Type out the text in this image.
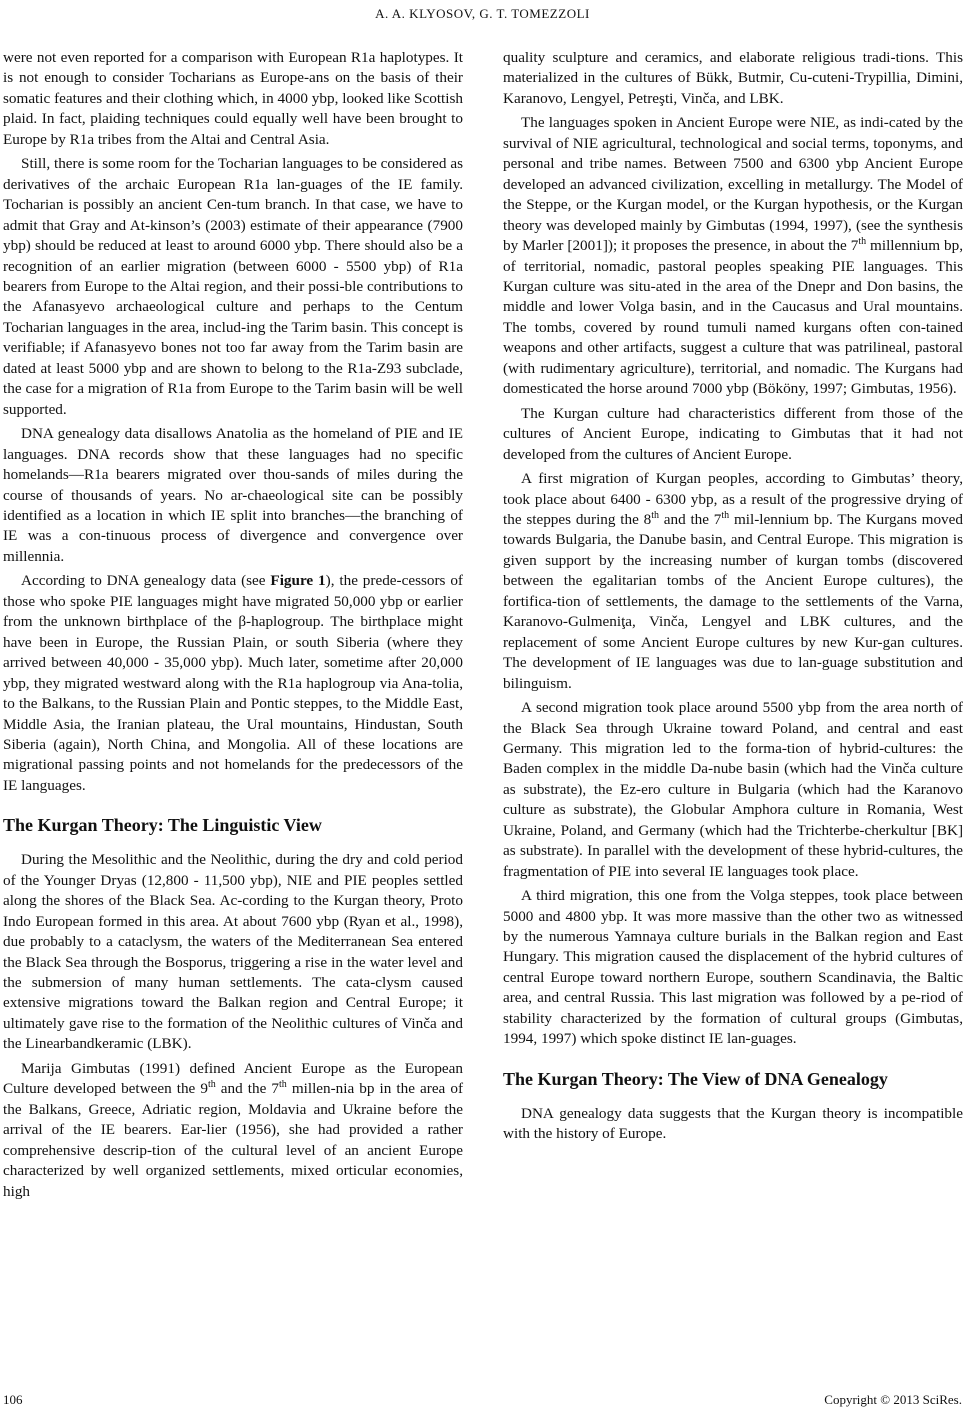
A. A. KLYOSOV, G. T. TOMEZZOLI

were not even reported for a comparison with European R1a haplotypes. It is not enough to consider Tocharians as Europe-ans on the basis of their somatic features and their clothing which, in 4000 ybp, looked like Scottish plaid. In fact, plaiding techniques could equally well have been brought to Europe by R1a tribes from the Altai and Central Asia.

Still, there is some room for the Tocharian languages to be considered as derivatives of the archaic European R1a lan-guages of the IE family. Tocharian is possibly an ancient Cen-tum branch. In that case, we have to admit that Gray and At-kinson’s (2003) estimate of their appearance (7900 ybp) should be reduced at least to around 6000 ybp. There should also be a recognition of an earlier migration (between 6000 - 5500 ybp) of R1a bearers from Europe to the Altai region, and their possi-ble contributions to the Afanasyevo archaeological culture and perhaps to the Centum Tocharian languages in the area, includ-ing the Tarim basin. This concept is verifiable; if Afanasyevo bones not too far away from the Tarim basin are dated at least 5000 ybp and are shown to belong to the R1a-Z93 subclade, the case for a migration of R1a from Europe to the Tarim basin will be well supported.

DNA genealogy data disallows Anatolia as the homeland of PIE and IE languages. DNA records show that these languages had no specific homelands—R1a bearers migrated over thou-sands of miles during the course of thousands of years. No ar-chaeological site can be possibly identified as a location in which IE split into branches—the branching of IE was a con-tinuous process of divergence and convergence over millennia.

According to DNA genealogy data (see Figure 1), the prede-cessors of those who spoke PIE languages might have migrated 50,000 ybp or earlier from the unknown birthplace of the β-haplogroup. The birthplace might have been in Europe, the Russian Plain, or south Siberia (where they arrived between 40,000 - 35,000 ybp). Much later, sometime after 20,000 ybp, they migrated westward along with the R1a haplogroup via Ana-tolia, to the Balkans, to the Russian Plain and Pontic steppes, to the Middle East, Middle Asia, the Iranian plateau, the Ural mountains, Hindustan, South Siberia (again), North China, and Mongolia. All of these locations are migrational passing points and not homelands for the predecessors of the IE languages.

The Kurgan Theory: The Linguistic View

During the Mesolithic and the Neolithic, during the dry and cold period of the Younger Dryas (12,800 - 11,500 ybp), NIE and PIE peoples settled along the shores of the Black Sea. Ac-cording to the Kurgan theory, Proto Indo European formed in this area. At about 7600 ybp (Ryan et al., 1998), due probably to a cataclysm, the waters of the Mediterranean Sea entered the Black Sea through the Bosporus, triggering a rise in the water level and the submersion of many human settlements. The cata-clysm caused extensive migrations toward the Balkan region and Central Europe; it ultimately gave rise to the formation of the Neolithic cultures of Vinča and the Linearbandkeramic (LBK).

Marija Gimbutas (1991) defined Ancient Europe as the European Culture developed between the 9th and the 7th millen-nia bp in the area of the Balkans, Greece, Adriatic region, Moldavia and Ukraine before the arrival of the IE bearers. Ear-lier (1956), she had provided a rather comprehensive descrip-tion of the cultural level of an ancient Europe characterized by well organized settlements, mixed orticular economies, high

quality sculpture and ceramics, and elaborate religious tradi-tions. This materialized in the cultures of Bükk, Butmir, Cu-cuteni-Trypillia, Dimini, Karanovo, Lengyel, Petreşti, Vinča, and LBK.

The languages spoken in Ancient Europe were NIE, as indi-cated by the survival of NIE agricultural, technological and social terms, toponyms, and personal and tribe names. Between 7500 and 6300 ybp Ancient Europe developed an advanced civilization, excelling in metallurgy. The Model of the Steppe, or the Kurgan model, or the Kurgan hypothesis, or the Kurgan theory was developed mainly by Gimbutas (1994, 1997), (see the synthesis by Marler [2001]); it proposes the presence, in about the 7th millennium bp, of territorial, nomadic, pastoral peoples speaking PIE languages. This Kurgan culture was situ-ated in the area of the Dnepr and Don basins, the middle and lower Volga basin, and in the Caucasus and Ural mountains. The tombs, covered by round tumuli named kurgans often con-tained weapons and other artifacts, suggest a culture that was patrilineal, pastoral (with rudimentary agriculture), territorial, and nomadic. The Kurgans had domesticated the horse around 7000 ybp (Bököny, 1997; Gimbutas, 1956).

The Kurgan culture had characteristics different from those of the cultures of Ancient Europe, indicating to Gimbutas that it had not developed from the cultures of Ancient Europe.

A first migration of Kurgan peoples, according to Gimbutas’ theory, took place about 6400 - 6300 ybp, as a result of the progressive drying of the steppes during the 8th and the 7th mil-lennium bp. The Kurgans moved towards Bulgaria, the Danube basin, and Central Europe. This migration is given support by the increasing number of kurgan tombs (discovered between the egalitarian tombs of the Ancient Europe cultures), the fortifica-tion of settlements, the damage to the settlements of the Varna, Karanovo-Gulmeniţa, Vinča, Lengyel and LBK cultures, and the replacement of some Ancient Europe cultures by new Kur-gan cultures. The development of IE languages was due to lan-guage substitution and bilinguism.

A second migration took place around 5500 ybp from the area north of the Black Sea through Ukraine toward Poland, and central and east Germany. This migration led to the forma-tion of hybrid-cultures: the Baden complex in the middle Da-nube basin (which had the Vinča culture as substrate), the Ez-ero culture in Bulgaria (which had the Karanovo culture as substrate), the Globular Amphora culture in Romania, West Ukraine, Poland, and Germany (which had the Trichterbe-cherkultur [BK] as substrate). In parallel with the development of these hybrid-cultures, the fragmentation of PIE into several IE languages took place.

A third migration, this one from the Volga steppes, took place between 5000 and 4800 ybp. It was more massive than the other two as witnessed by the numerous Yamnaya culture burials in the Balkan region and East Hungary. This migration caused the displacement of the hybrid cultures of central Europe toward northern Europe, southern Scandinavia, the Baltic area, and central Russia. This last migration was followed by a pe-riod of stability characterized by the formation of cultural groups (Gimbutas, 1994, 1997) which spoke distinct IE lan-guages.

The Kurgan Theory: The View of DNA Genealogy

DNA genealogy data suggests that the Kurgan theory is incompatible with the history of Europe.

106	Copyright © 2013 SciRes.
